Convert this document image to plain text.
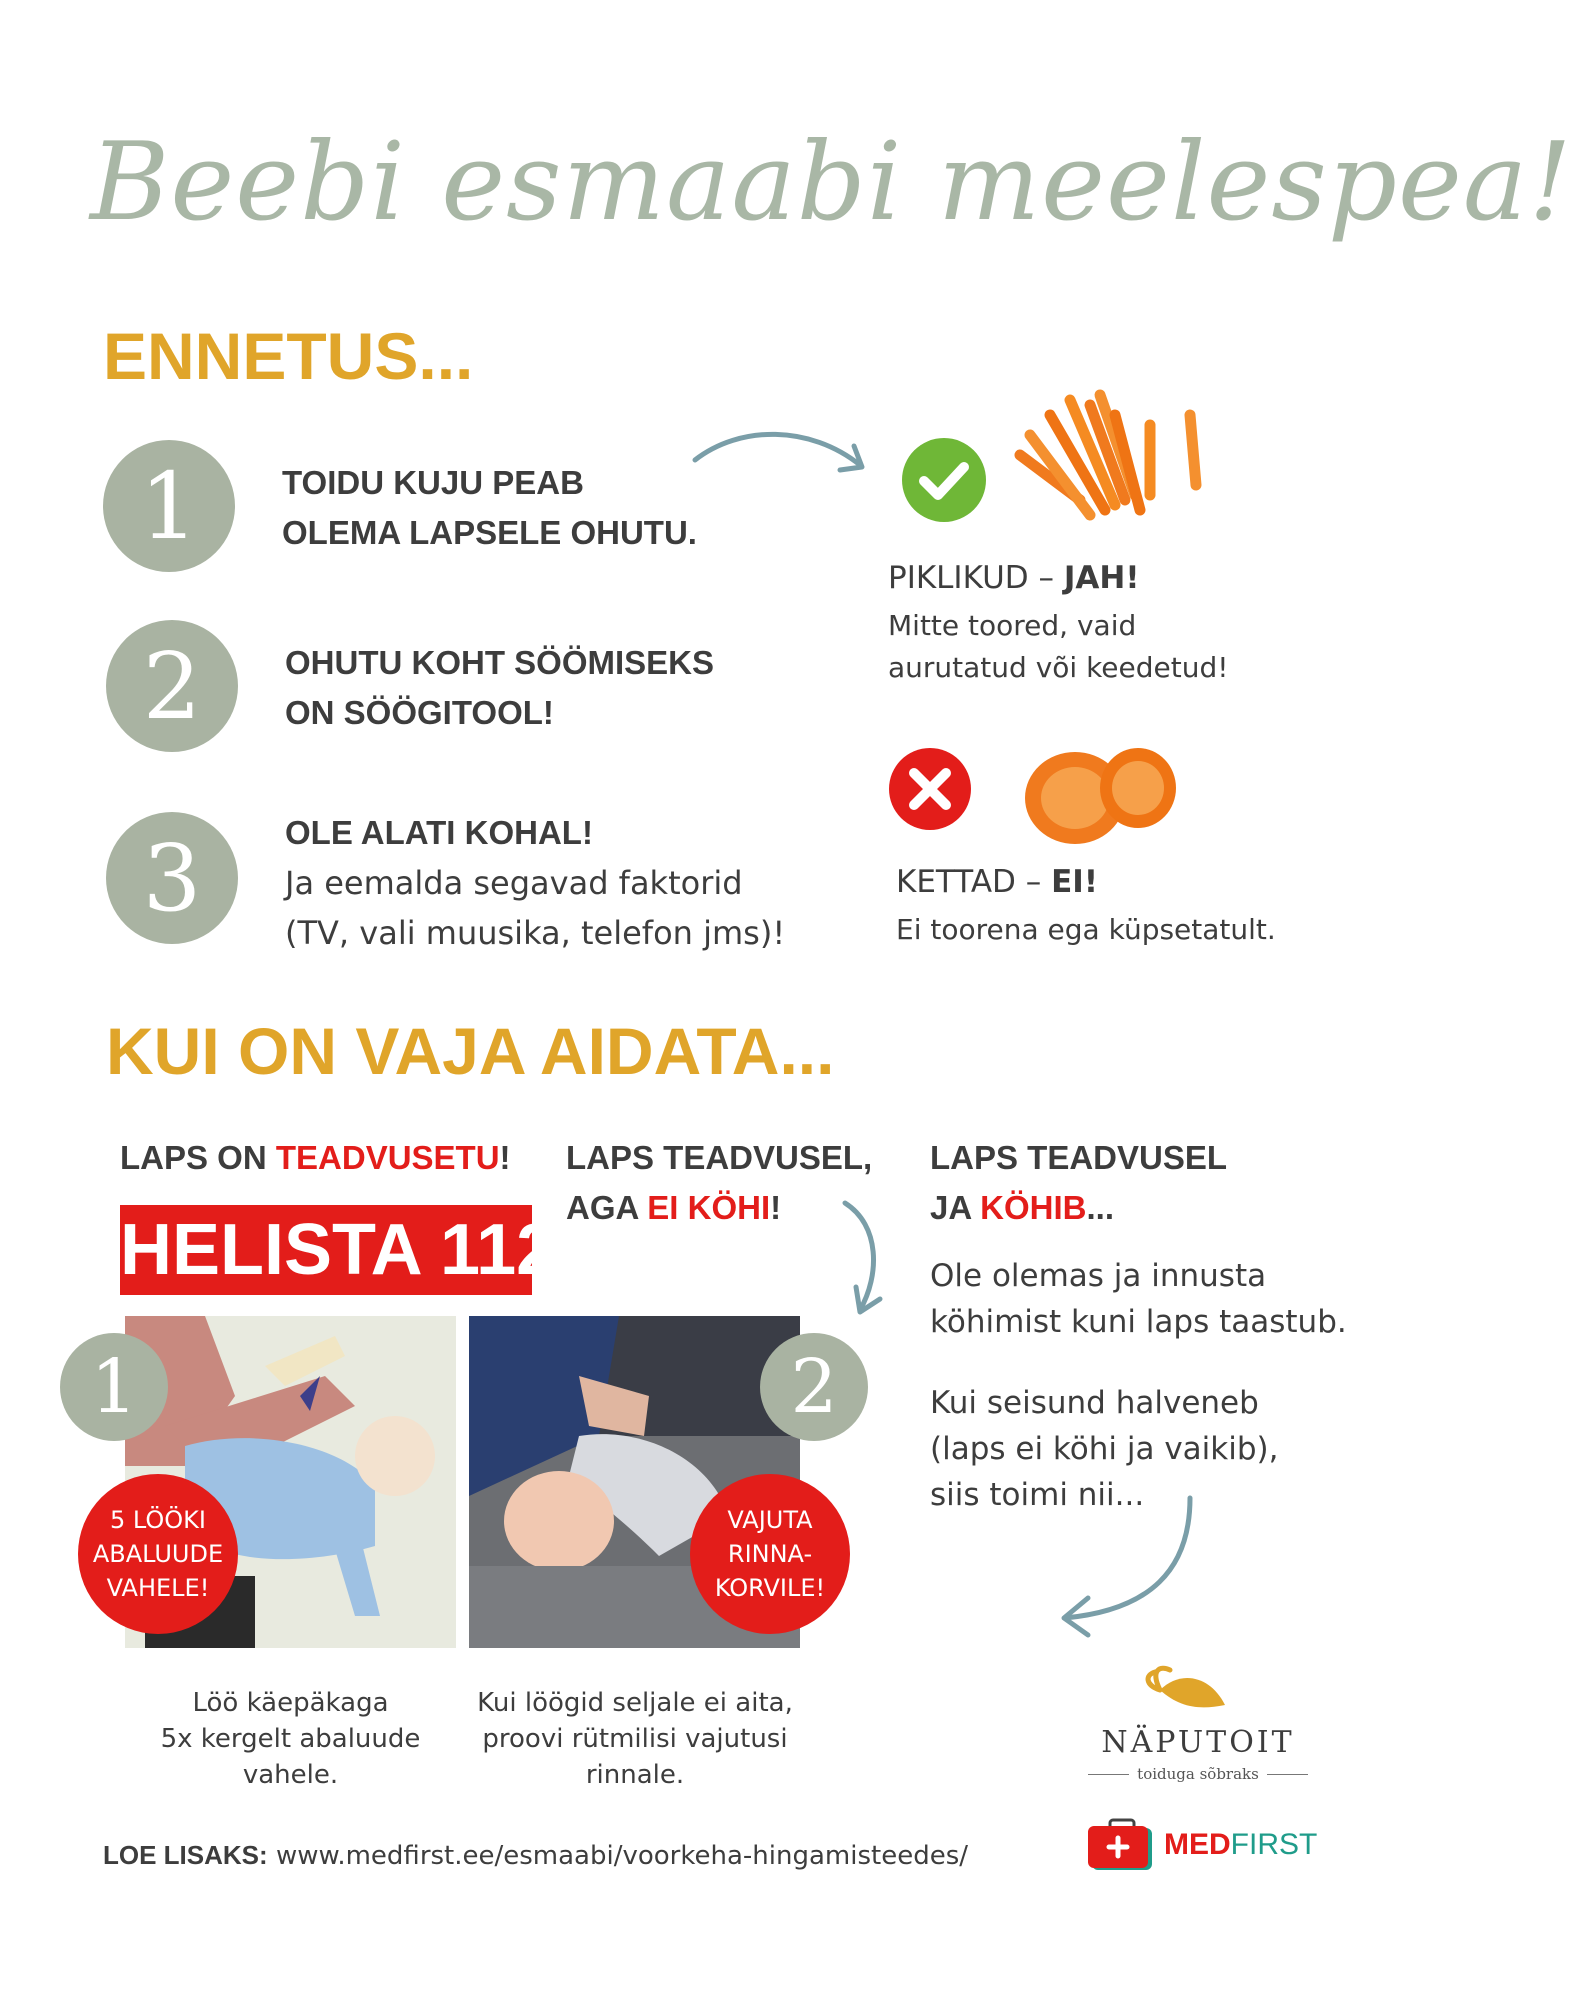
Beebi esmaabi meelespea!
ENNETUS...
1	TOIDU KUJU PEAB
OLEMA LAPSELE OHUTU.
2	OHUTU KOHT SÖÖMISEKS
ON SÖÖGITOOL!
3	OLE ALATI KOHAL!
Ja eemalda segavad faktorid
(TV, vali muusika, telefon jms)!
PIKLIKUD – JAH!
Mitte toored, vaid
aurutatud või keedetud!
KETTAD – EI!
Ei toorena ega küpsetatult.
KUI ON VAJA AIDATA...
LAPS ON TEADVUSETU!
HELISTA 112!
LAPS TEADVUSEL,
AGA EI KÖHI!
LAPS TEADVUSEL
JA KÖHIB...
Ole olemas ja innusta
köhimist kuni laps taastub.
Kui seisund halveneb
(laps ei köhi ja vaikib),
siis toimi nii...
1
5 LÖÖKI
ABALUUDE
VAHELE!
2
VAJUTA
RINNA-
KORVILE!
Löö käepäkaga
5x kergelt abaluude
vahele.
Kui löögid seljale ei aita,
proovi rütmilisi vajutusi
rinnale.
NÄPUTOIT
toiduga sõbraks
MEDFIRST
LOE LISAKS: www.medfirst.ee/esmaabi/voorkeha-hingamisteedes/
